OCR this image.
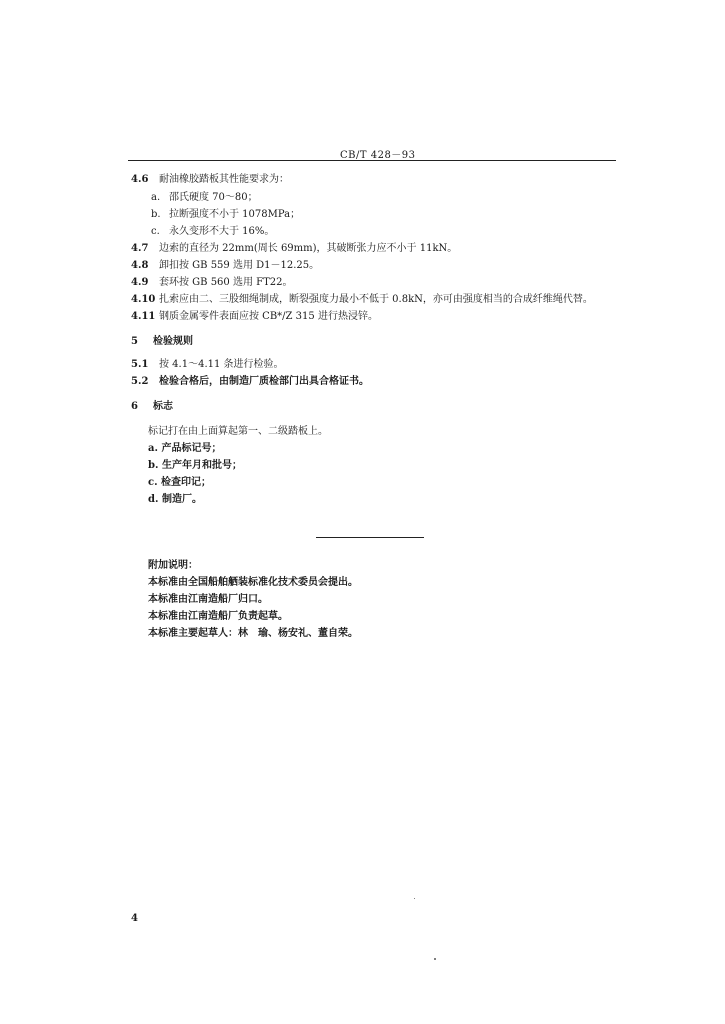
CB/T 428－93
4.6 耐油橡胶踏板其性能要求为：
a. 邵氏硬度 70～80；
b. 拉断强度不小于 1078MPa；
c. 永久变形不大于 16%。
4.7 边索的直径为 22mm(周长 69mm)，其破断张力应不小于 11kN。
4.8 卸扣按 GB 559 选用 D1－12.25。
4.9 套环按 GB 560 选用 FT22。
4.10 扎索应由二、三股细绳制成，断裂强度力最小不低于 0.8kN，亦可由强度相当的合成纤维绳代替。
4.11 钢质金属零件表面应按 CB*/Z 315 进行热浸锌。
5 检验规则
5.1 按 4.1～4.11 条进行检验。
5.2 检验合格后，由制造厂质检部门出具合格证书。
6 标志
标记打在由上面算起第一、二级踏板上。
a. 产品标记号；
b. 生产年月和批号；
c. 检查印记；
d. 制造厂。
附加说明：
本标准由全国船舶舾装标准化技术委员会提出。
本标准由江南造船厂归口。
本标准由江南造船厂负责起草。
本标准主要起草人：林　瑜、杨安礼、董自荣。
4
